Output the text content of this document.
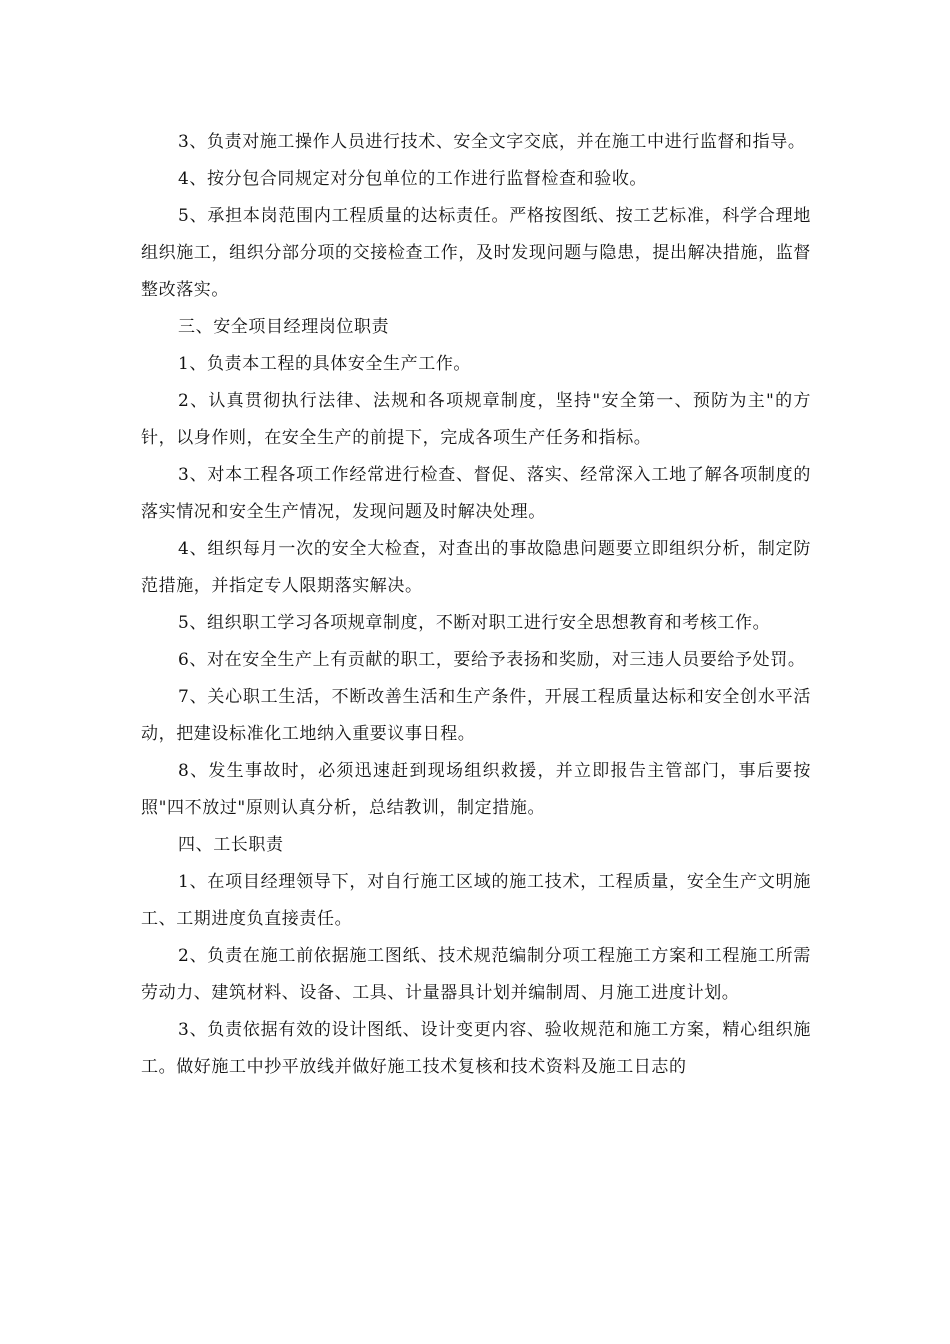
3、负责对施工操作人员进行技术、安全文字交底，并在施工中进行监督和指导。

4、按分包合同规定对分包单位的工作进行监督检查和验收。

5、承担本岗范围内工程质量的达标责任。严格按图纸、按工艺标准，科学合理地组织施工，组织分部分项的交接检查工作，及时发现问题与隐患，提出解决措施，监督整改落实。

三、安全项目经理岗位职责

1、负责本工程的具体安全生产工作。

2、认真贯彻执行法律、法规和各项规章制度，坚持"安全第一、预防为主"的方针，以身作则，在安全生产的前提下，完成各项生产任务和指标。

3、对本工程各项工作经常进行检查、督促、落实、经常深入工地了解各项制度的落实情况和安全生产情况，发现问题及时解决处理。

4、组织每月一次的安全大检查，对查出的事故隐患问题要立即组织分析，制定防范措施，并指定专人限期落实解决。

5、组织职工学习各项规章制度，不断对职工进行安全思想教育和考核工作。

6、对在安全生产上有贡献的职工，要给予表扬和奖励，对三违人员要给予处罚。

7、关心职工生活，不断改善生活和生产条件，开展工程质量达标和安全创水平活动，把建设标准化工地纳入重要议事日程。

8、发生事故时，必须迅速赶到现场组织救援，并立即报告主管部门，事后要按照"四不放过"原则认真分析，总结教训，制定措施。

四、工长职责

1、在项目经理领导下，对自行施工区域的施工技术，工程质量，安全生产文明施工、工期进度负直接责任。

2、负责在施工前依据施工图纸、技术规范编制分项工程施工方案和工程施工所需劳动力、建筑材料、设备、工具、计量器具计划并编制周、月施工进度计划。

3、负责依据有效的设计图纸、设计变更内容、验收规范和施工方案，精心组织施工。做好施工中抄平放线并做好施工技术复核和技术资料及施工日志的
